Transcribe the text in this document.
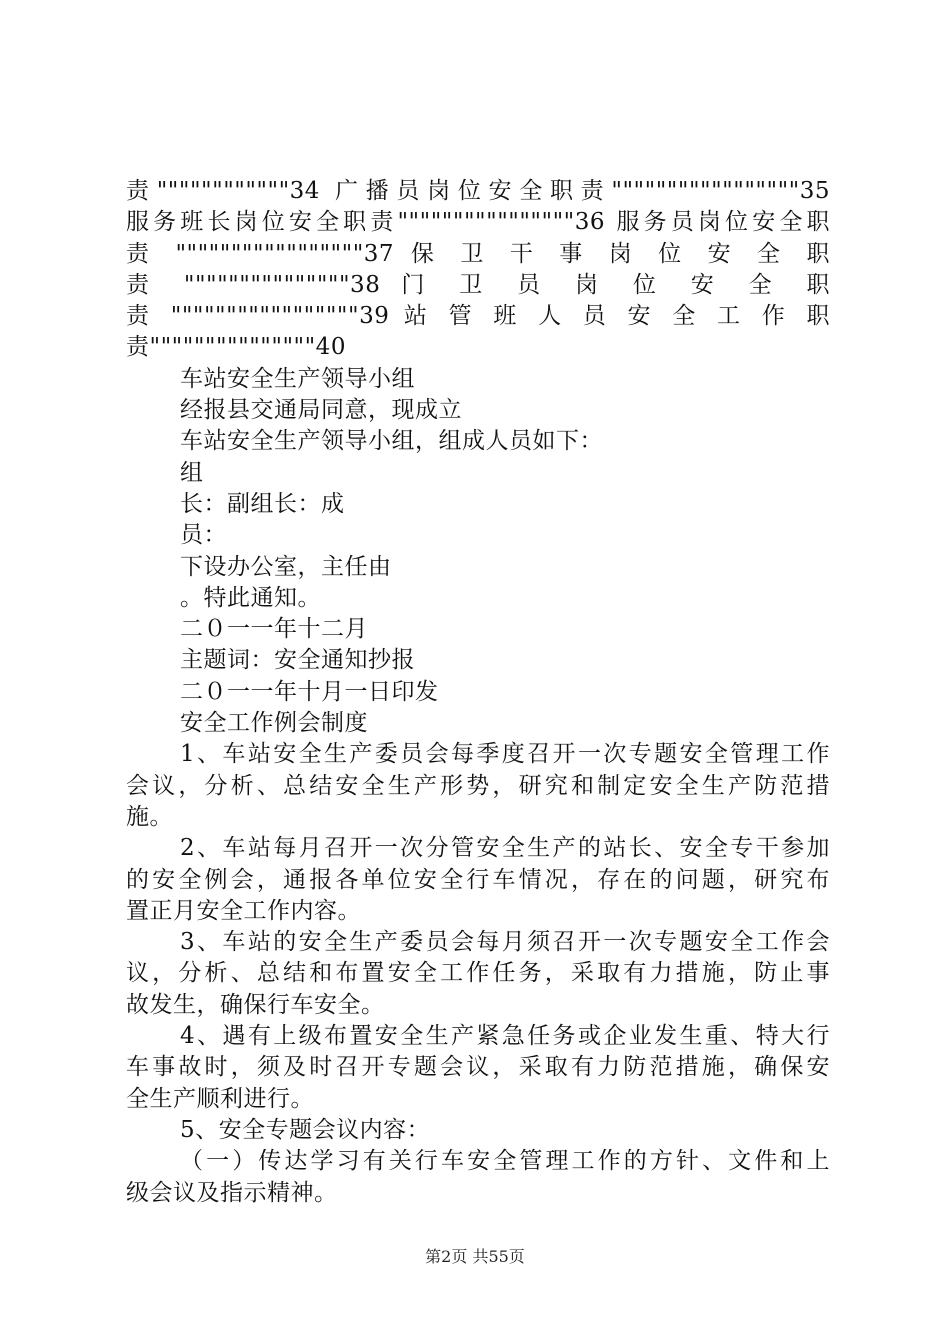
责""""""""""""34 广播员岗位安全职责"""""""""""""""""35
服务班长岗位安全职责""""""""""""""""36 服务员岗位安全职
责 """""""""""""""""37 保 卫 干 事 岗 位 安 全 职
责 """""""""""""""38 门 卫 员 岗 位 安 全 职
责 """""""""""""""""39 站 管 班 人 员 安 全 工 作 职
责"""""""""""""""40
车站安全生产领导小组
经报县交通局同意，现成立
车站安全生产领导小组，组成人员如下：
组
长：副组长：成
员：
下设办公室，主任由
。特此通知。
二０一一年十二月
主题词：安全通知抄报
二０一一年十月一日印发
安全工作例会制度
1、车站安全生产委员会每季度召开一次专题安全管理工作
会议，分析、总结安全生产形势，研究和制定安全生产防范措
施。
2、车站每月召开一次分管安全生产的站长、安全专干参加
的安全例会，通报各单位安全行车情况，存在的问题，研究布
置正月安全工作内容。
3、车站的安全生产委员会每月须召开一次专题安全工作会
议，分析、总结和布置安全工作任务，采取有力措施，防止事
故发生，确保行车安全。
4、遇有上级布置安全生产紧急任务或企业发生重、特大行
车事故时，须及时召开专题会议，采取有力防范措施，确保安
全生产顺利进行。
5、安全专题会议内容：
（一）传达学习有关行车安全管理工作的方针、文件和上
级会议及指示精神。
第2页 共55页
